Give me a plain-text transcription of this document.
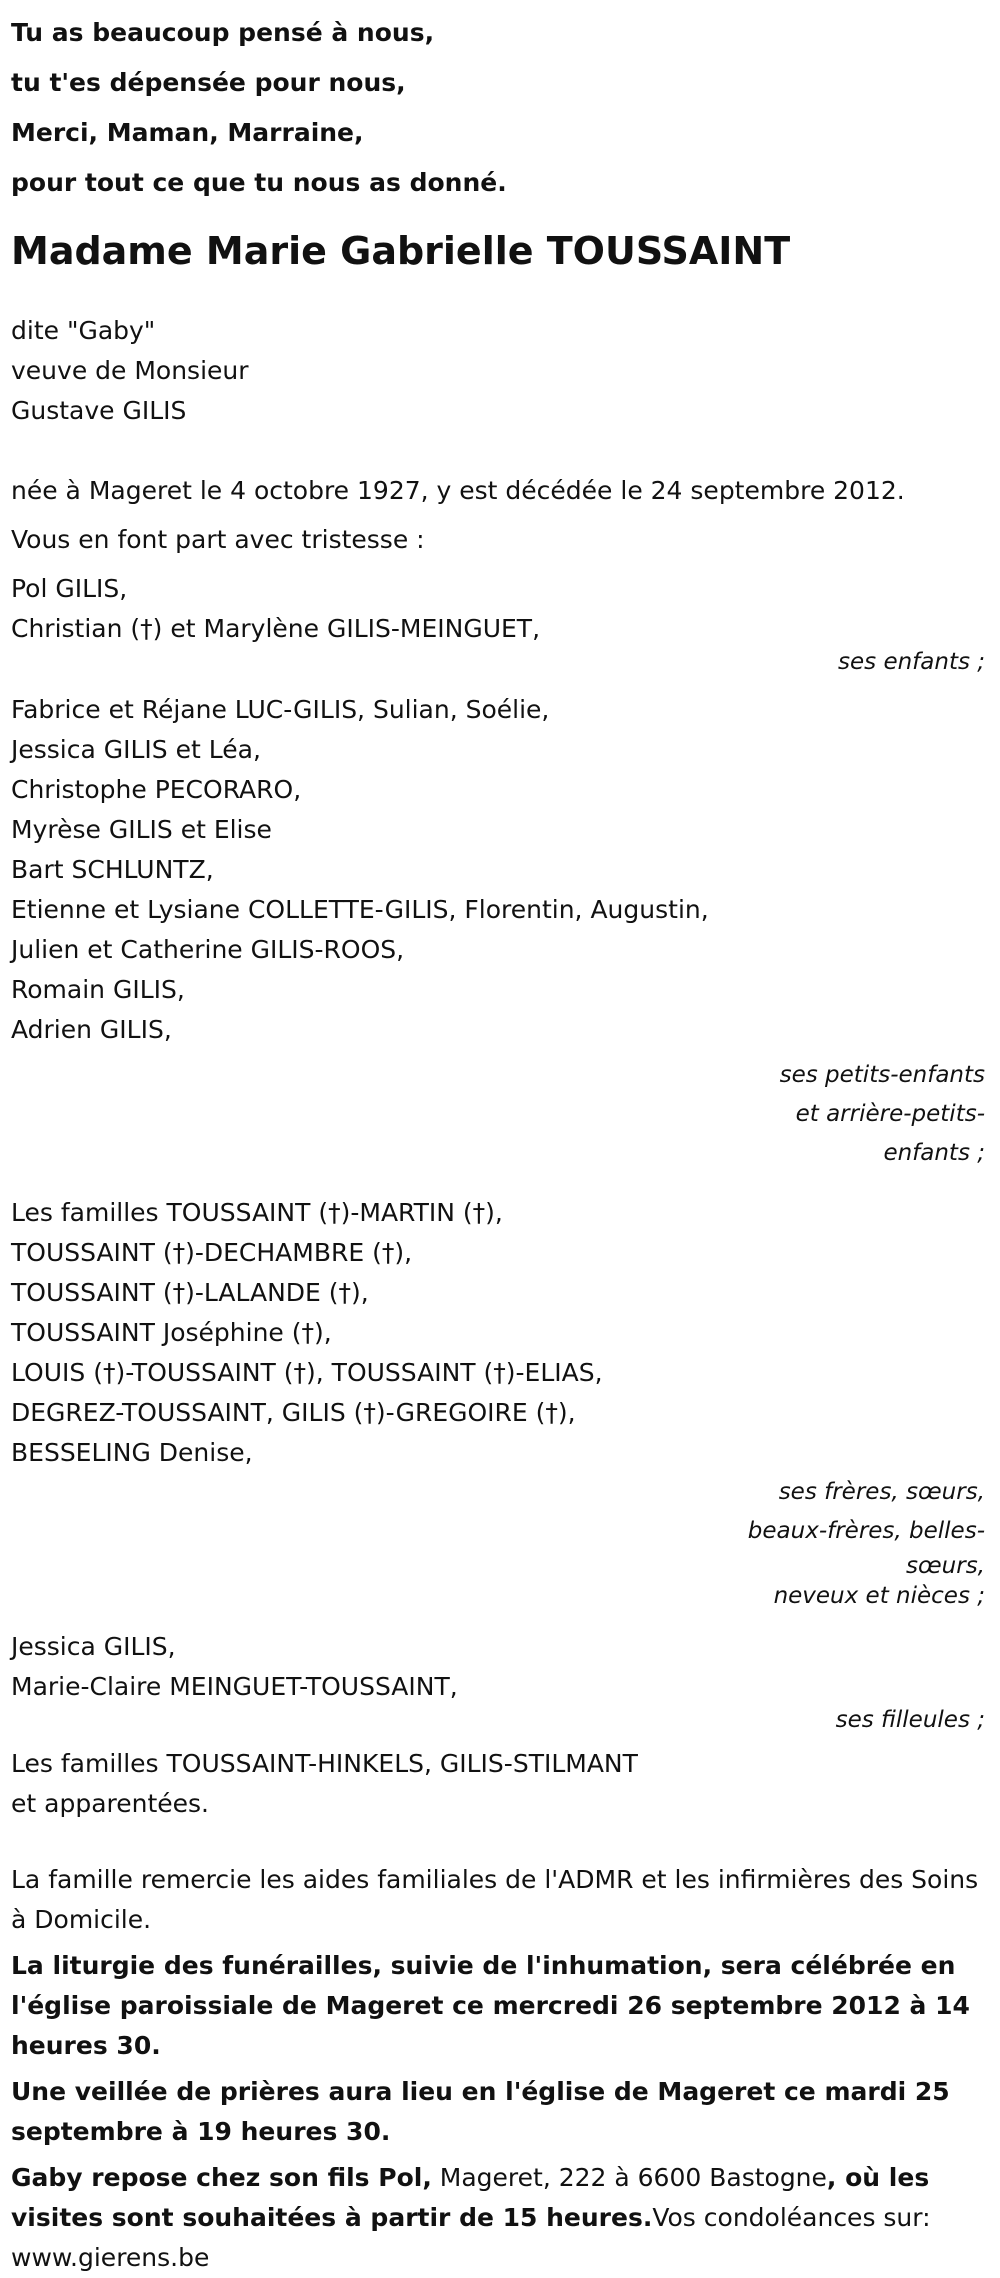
Tu as beaucoup pensé à nous,
tu t'es dépensée pour nous,
Merci, Maman, Marraine,
pour tout ce que tu nous as donné.
Madame Marie Gabrielle TOUSSAINT
dite "Gaby"
veuve de Monsieur
Gustave GILIS
née à Mageret le 4 octobre 1927, y est décédée le 24 septembre 2012.
Vous en font part avec tristesse :
Pol GILIS,
Christian (†) et Marylène GILIS-MEINGUET,
ses enfants ;
Fabrice et Réjane LUC-GILIS, Sulian, Soélie,
Jessica GILIS et Léa,
Christophe PECORARO,
Myrèse GILIS et Elise
Bart SCHLUNTZ,
Etienne et Lysiane COLLETTE-GILIS, Florentin, Augustin,
Julien et Catherine GILIS-ROOS,
Romain GILIS,
Adrien GILIS,
ses petits-enfants
et arrière-petits-
enfants ;
Les familles TOUSSAINT (†)-MARTIN (†),
TOUSSAINT (†)-DECHAMBRE (†),
TOUSSAINT (†)-LALANDE (†),
TOUSSAINT Joséphine (†),
LOUIS (†)-TOUSSAINT (†), TOUSSAINT (†)-ELIAS,
DEGREZ-TOUSSAINT, GILIS (†)-GREGOIRE (†),
BESSELING Denise,
ses frères, sœurs,
beaux-frères, belles-
sœurs,
neveux et nièces ;
Jessica GILIS,
Marie-Claire MEINGUET-TOUSSAINT,
ses filleules ;
Les familles TOUSSAINT-HINKELS, GILIS-STILMANT
et apparentées.
La famille remercie les aides familiales de l'ADMR et les infirmières des Soins à Domicile.
La liturgie des funérailles, suivie de l'inhumation, sera célébrée en l'église paroissiale de Mageret ce mercredi 26 septembre 2012 à 14 heures 30.
Une veillée de prières aura lieu en l'église de Mageret ce mardi 25 septembre à 19 heures 30.
Gaby repose chez son fils Pol, Mageret, 222 à 6600 Bastogne, où les visites sont souhaitées à partir de 15 heures.Vos condoléances sur: www.gierens.be
